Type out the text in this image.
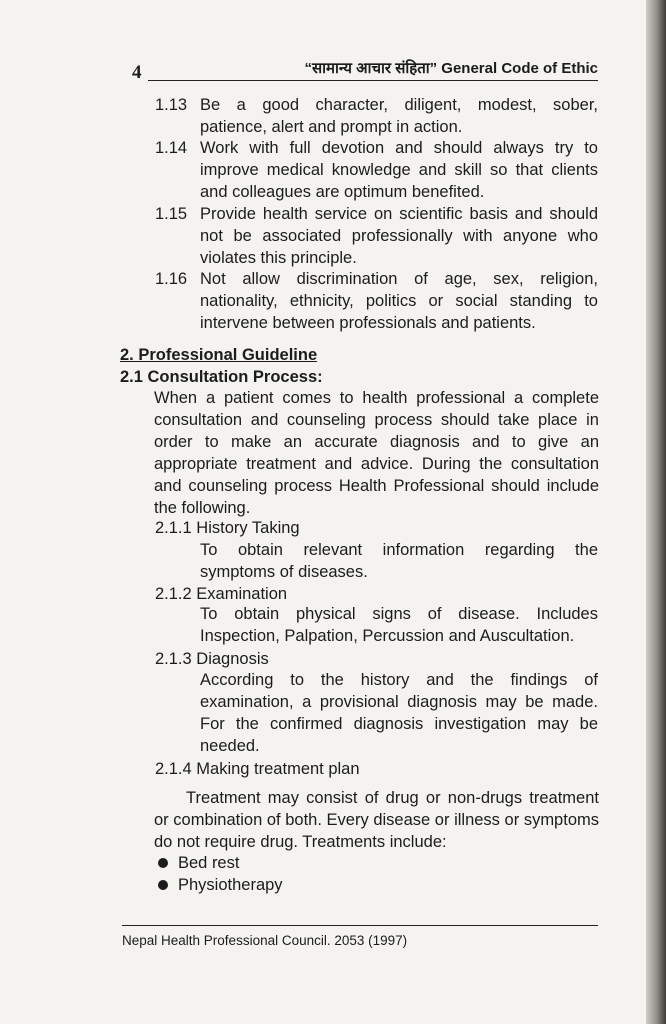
4	“सामान्य आचार संहिता” General Code of Ethic
1.13 Be a good character, diligent, modest, sober, patience, alert and prompt in action.
1.14 Work with full devotion and should always try to improve medical knowledge and skill so that clients and colleagues are optimum benefited.
1.15 Provide health service on scientific basis and should not be associated professionally with anyone who violates this principle.
1.16 Not allow discrimination of age, sex, religion, nationality, ethnicity, politics or social standing to intervene between professionals and patients.
2. Professional Guideline
2.1 Consultation Process:
When a patient comes to health professional a complete consultation and counseling process should take place in order to make an accurate diagnosis and to give an appropriate treatment and advice. During the consultation and counseling process Health Professional should include the following.
2.1.1 History Taking
To obtain relevant information regarding the symptoms of diseases.
2.1.2 Examination
To obtain physical signs of disease. Includes Inspection, Palpation, Percussion and Auscultation.
2.1.3 Diagnosis
According to the history and the findings of examination, a provisional diagnosis may be made. For the confirmed diagnosis investigation may be needed.
2.1.4 Making treatment plan
Treatment may consist of drug or non-drugs treatment or combination of both. Every disease or illness or symptoms do not require drug. Treatments include:
Bed rest
Physiotherapy
Nepal Health Professional Council. 2053 (1997)
